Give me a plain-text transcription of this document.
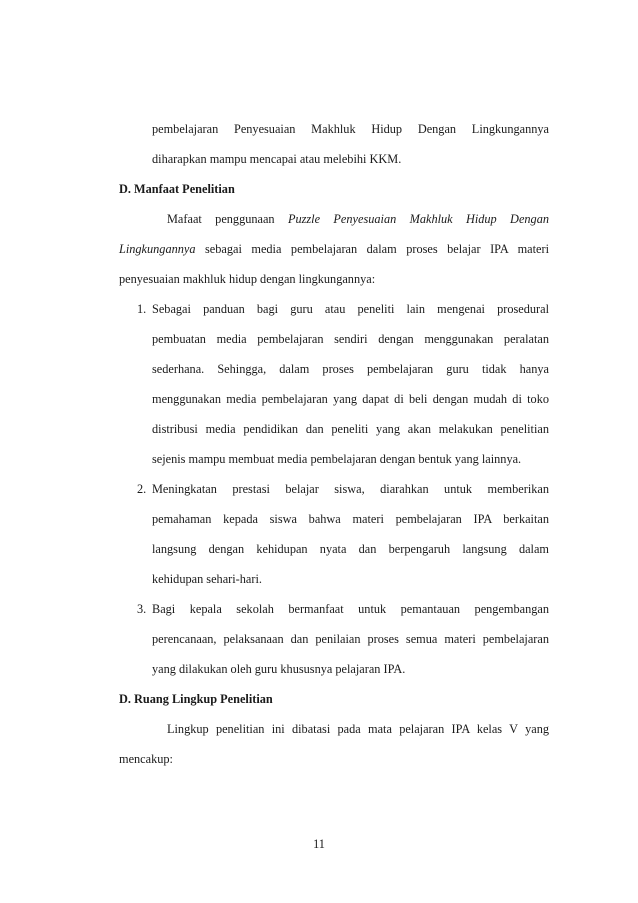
pembelajaran Penyesuaian Makhluk Hidup Dengan Lingkungannya
diharapkan mampu mencapai atau melebihi KKM.
D. Manfaat Penelitian
Mafaat penggunaan Puzzle Penyesuaian Makhluk Hidup Dengan
Lingkungannya sebagai media pembelajaran dalam proses belajar IPA materi
penyesuaian makhluk hidup dengan lingkungannya:
1. Sebagai panduan bagi guru atau peneliti lain mengenai prosedural
pembuatan media pembelajaran sendiri dengan menggunakan peralatan
sederhana. Sehingga, dalam proses pembelajaran guru tidak hanya
menggunakan media pembelajaran yang dapat di beli dengan mudah di toko
distribusi media pendidikan dan peneliti yang akan melakukan penelitian
sejenis mampu membuat media pembelajaran dengan bentuk yang lainnya.
2. Meningkatan prestasi belajar siswa, diarahkan untuk memberikan
pemahaman kepada siswa bahwa materi pembelajaran IPA berkaitan
langsung dengan kehidupan nyata dan berpengaruh langsung dalam
kehidupan sehari-hari.
3. Bagi kepala sekolah bermanfaat untuk pemantauan pengembangan
perencanaan, pelaksanaan dan penilaian proses semua materi pembelajaran
yang dilakukan oleh guru khususnya pelajaran IPA.
D. Ruang Lingkup Penelitian
Lingkup penelitian ini dibatasi pada mata pelajaran IPA kelas V yang
mencakup:
11
